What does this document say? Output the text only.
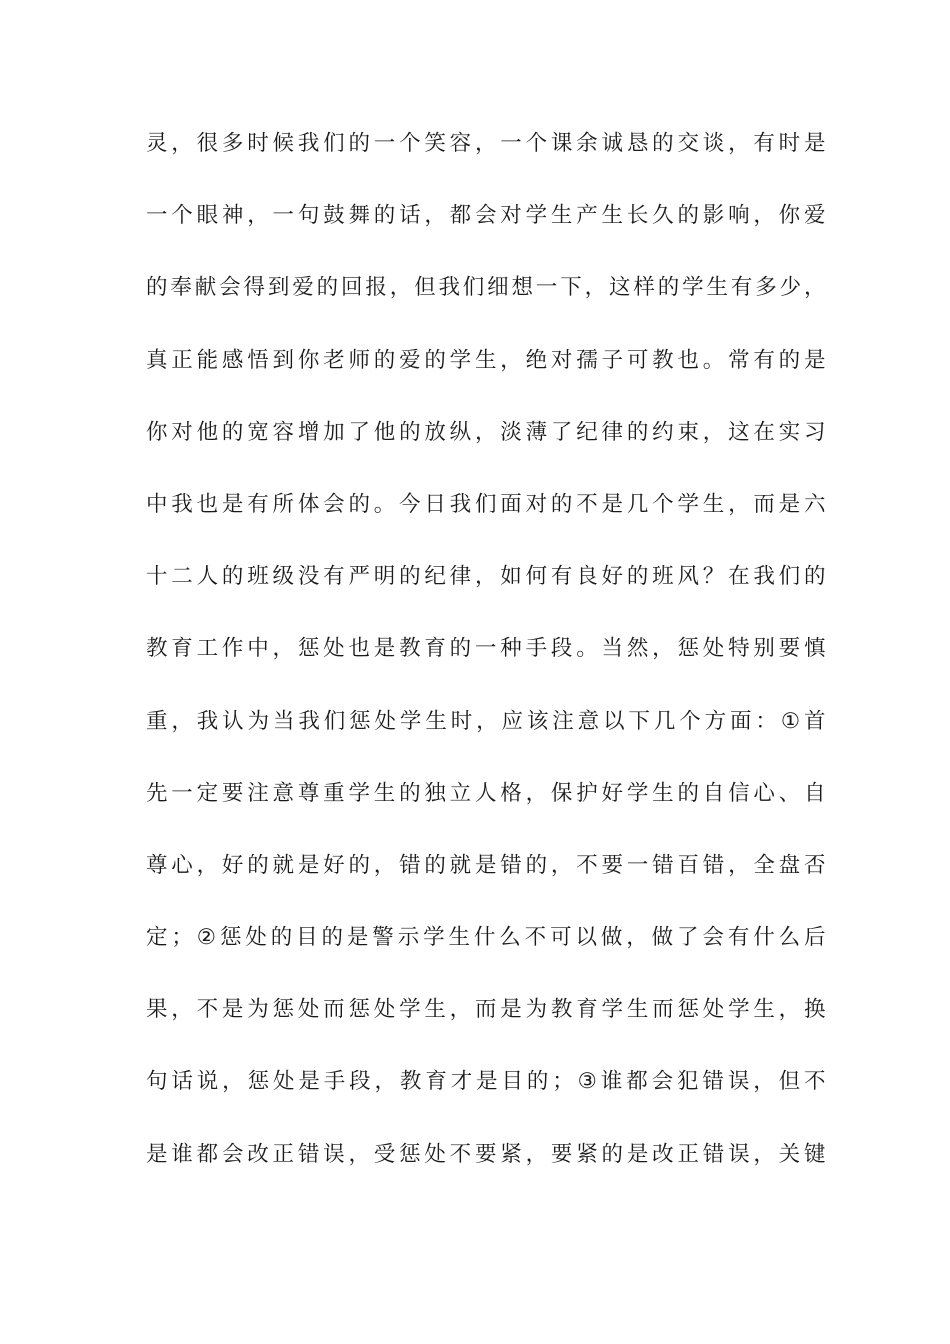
灵，很多时候我们的一个笑容，一个课余诚恳的交谈，有时是
一个眼神，一句鼓舞的话，都会对学生产生长久的影响，你爱
的奉献会得到爱的回报，但我们细想一下，这样的学生有多少，
真正能感悟到你老师的爱的学生，绝对孺子可教也。常有的是
你对他的宽容增加了他的放纵，淡薄了纪律的约束，这在实习
中我也是有所体会的。今日我们面对的不是几个学生，而是六
十二人的班级没有严明的纪律，如何有良好的班风？在我们的
教育工作中，惩处也是教育的一种手段。当然，惩处特别要慎
重，我认为当我们惩处学生时，应该注意以下几个方面：①首
先一定要注意尊重学生的独立人格，保护好学生的自信心、自
尊心，好的就是好的，错的就是错的，不要一错百错，全盘否
定；②惩处的目的是警示学生什么不可以做，做了会有什么后
果，不是为惩处而惩处学生，而是为教育学生而惩处学生，换
句话说，惩处是手段，教育才是目的；③谁都会犯错误，但不
是谁都会改正错误，受惩处不要紧，要紧的是改正错误，关键
